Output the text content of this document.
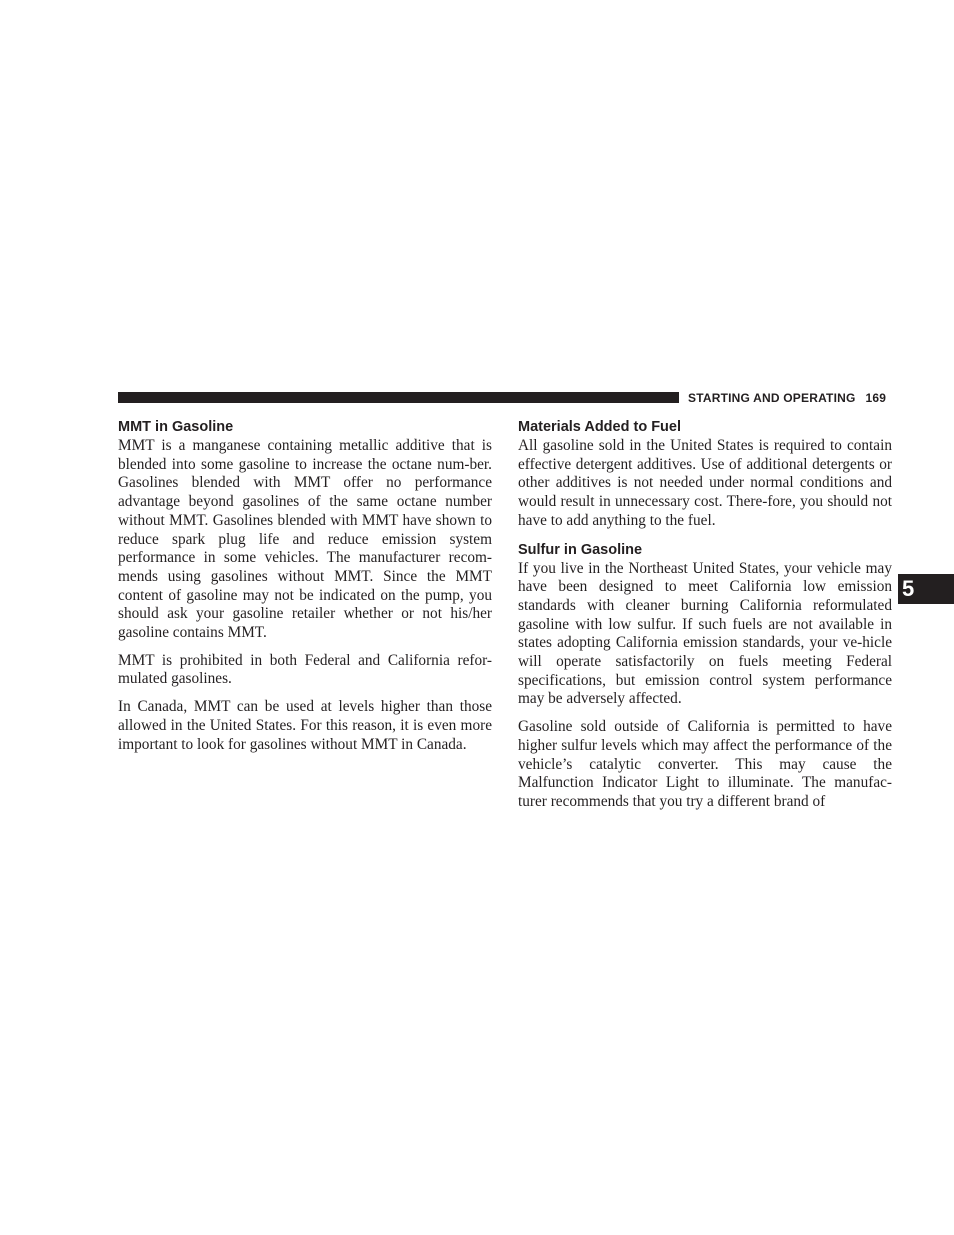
STARTING AND OPERATING 169
MMT in Gasoline

MMT is a manganese containing metallic additive that is blended into some gasoline to increase the octane num-ber. Gasolines blended with MMT offer no performance advantage beyond gasolines of the same octane number without MMT. Gasolines blended with MMT have shown to reduce spark plug life and reduce emission system performance in some vehicles. The manufacturer recom-mends using gasolines without MMT. Since the MMT content of gasoline may not be indicated on the pump, you should ask your gasoline retailer whether or not his/her gasoline contains MMT.

MMT is prohibited in both Federal and California refor-mulated gasolines.

In Canada, MMT can be used at levels higher than those allowed in the United States. For this reason, it is even more important to look for gasolines without MMT in Canada.

Materials Added to Fuel

All gasoline sold in the United States is required to contain effective detergent additives. Use of additional detergents or other additives is not needed under normal conditions and would result in unnecessary cost. There-fore, you should not have to add anything to the fuel.

Sulfur in Gasoline

If you live in the Northeast United States, your vehicle may have been designed to meet California low emission standards with cleaner burning California reformulated gasoline with low sulfur. If such fuels are not available in states adopting California emission standards, your ve-hicle will operate satisfactorily on fuels meeting Federal specifications, but emission control system performance may be adversely affected.

Gasoline sold outside of California is permitted to have higher sulfur levels which may affect the performance of the vehicle’s catalytic converter. This may cause the Malfunction Indicator Light to illuminate. The manufac-turer recommends that you try a different brand of

5
